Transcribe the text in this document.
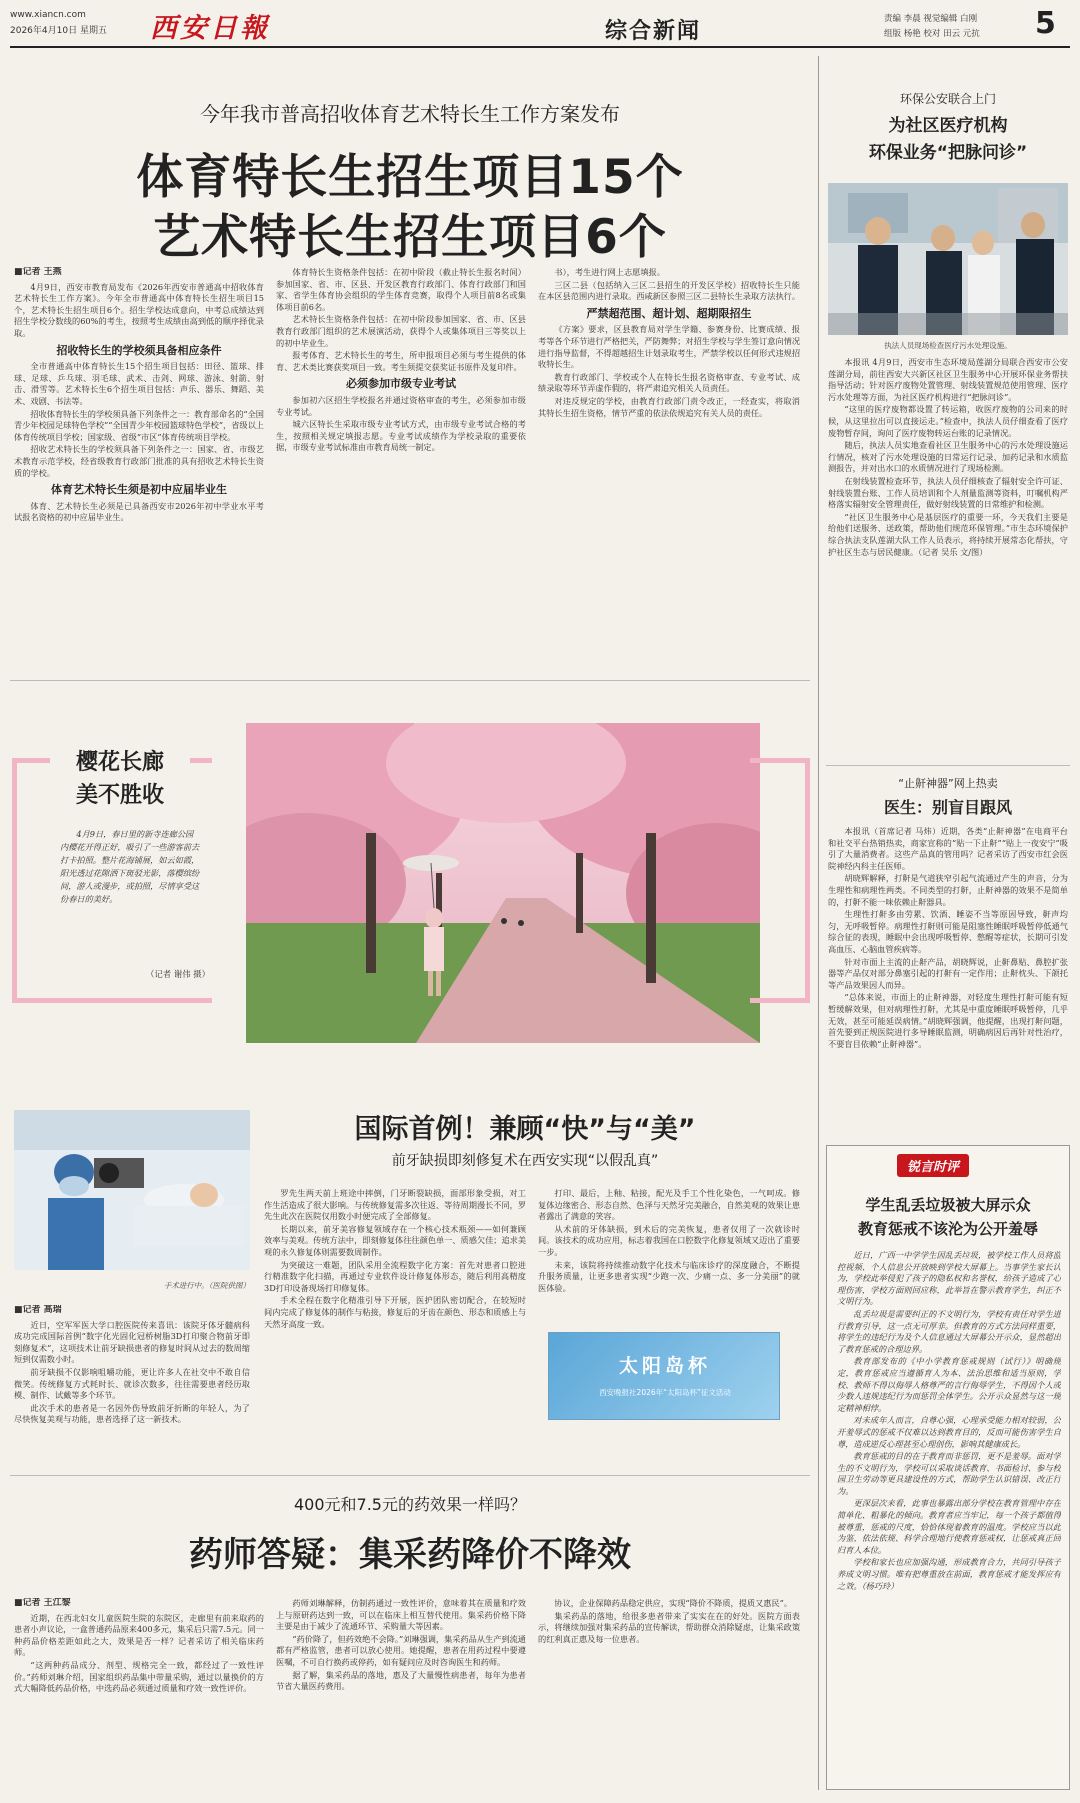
www.xiancn.com
2026年4月10日 星期五 西安日報	综合新闻	责编 李晨 视觉编辑 白刚
组版 杨艳 校对 田云 元抗 5
今年我市普高招收体育艺术特长生工作方案发布
体育特长生招生项目15个
艺术特长生招生项目6个
■记者 王燕

4月9日，西安市教育局发布《2026年西安市普通高中招收体育艺术特长生工作方案》。今年全市普通高中体育特长生招生项目15个，艺术特长生招生项目6个。招生学校达成意向，中考总成绩达到招生学校分数线的60%的考生，按照考生成绩由高到低的顺序择优录取。

招收特长生的学校须具备相应条件

全市普通高中体育特长生15个招生项目包括：田径、篮球、排球、足球、乒乓球、羽毛球、武术、击剑、网球、游泳、射箭、射击、滑雪等。艺术特长生6个招生项目包括：声乐、器乐、舞蹈、美术、戏剧、书法等。

招收体育特长生的学校须具备下列条件之一：教育部命名的“全国青少年校园足球特色学校”“全国青少年校园篮球特色学校”，省级以上体育传统项目学校；国家级、省级“市区”体育传统项目学校。

招收艺术特长生的学校须具备下列条件之一：国家、省、市级艺术教育示范学校，经省级教育行政部门批准的具有招收艺术特长生资质的学校。

体育艺术特长生须是初中应届毕业生

体育、艺术特长生必须是已具备西安市2026年初中学业水平考试报名资格的初中应届毕业生。

体育特长生资格条件包括：在初中阶段（截止特长生报名时间）参加国家、省、市、区县、开发区教育行政部门、体育行政部门和国家、省学生体育协会组织的学生体育竞赛，取得个人项目前8名或集体项目前6名。

艺术特长生资格条件包括：在初中阶段参加国家、省、市、区县教育行政部门组织的艺术展演活动，获得个人或集体项目三等奖以上的初中毕业生。

报考体育、艺术特长生的考生，所申报项目必须与考生提供的体育、艺术类比赛获奖项目一致。考生须提交获奖证书原件及复印件。

必须参加市级专业考试

参加初六区招生学校报名并通过资格审查的考生，必须参加市级专业考试。

城六区特长生采取市级专业考试方式，由市级专业考试合格的考生，按照相关规定填报志愿。专业考试成绩作为学校录取的重要依据，市级专业考试标准由市教育局统一制定。

书），考生进行网上志愿填报。

三区二县（包括纳入三区二县招生的开发区学校）招收特长生只能在本区县范围内进行录取。西咸新区参照三区二县特长生录取方法执行。

严禁超范围、超计划、超期限招生

《方案》要求，区县教育局对学生学籍、参赛身份、比赛成绩、报考等各个环节进行严格把关，严防舞弊；对招生学校与学生签订意向情况进行指导监督，不得超越招生计划录取考生，严禁学校以任何形式违规招收特长生。

教育行政部门、学校或个人在特长生报名资格审查、专业考试、成绩录取等环节弄虚作假的，将严肃追究相关人员责任。

对违反规定的学校，由教育行政部门责令改正，一经查实，将取消其特长生招生资格，情节严重的依法依规追究有关人员的责任。

环保公安联合上门
为社区医疗机构
环保业务“把脉问诊”
执法人员现场检查医疗污水处理设施。

本报讯 4月9日，西安市生态环境局莲湖分局联合西安市公安莲湖分局，前往西安大兴新区社区卫生服务中心开展环保业务帮扶指导活动；针对医疗废物处置管理、射线装置规范使用管理、医疗污水处理等方面，为社区医疗机构进行“把脉问诊”。

“这里的医疗废物都设置了转运箱，收医疗废物的公司来的时候，从这里拉出可以直接运走。”检查中，执法人员仔细查看了医疗废物暂存间，询问了医疗废物转运台账的记录情况。

随后，执法人员实地查看社区卫生服务中心的污水处理设施运行情况，核对了污水处理设施的日常运行记录、加药记录和水质监测报告，并对出水口的水质情况进行了现场检测。

在射线装置检查环节，执法人员仔细核查了辐射安全许可证、射线装置台账、工作人员培训和个人剂量监测等资料，叮嘱机构严格落实辐射安全管理责任，做好射线装置的日常维护和检测。

“社区卫生服务中心是基层医疗的重要一环，今天我们主要是给他们送服务、送政策，帮助他们规范环保管理。”市生态环境保护综合执法支队莲湖大队工作人员表示，将持续开展常态化帮扶，守护社区生态与居民健康。（记者 吴乐 文/图）

樱花长廊
美不胜收
4月9日，春日里的新寺连廊公园内樱花开得正好，吸引了一些游客前去打卡拍照。整片花海铺展，如云如霞，阳光透过花隙洒下斑驳光影，落樱缤纷间，游人或漫步，或拍照，尽情享受这份春日的美好。
（记者 谢伟 摄）
“止鼾神器”网上热卖
医生：别盲目跟风

本报讯（首席记者 马炜）近期，各类“止鼾神器”在电商平台和社交平台热销热卖，商家宣称的“贴一下止鼾”“贴上一夜安宁”吸引了大量消费者。这些产品真的管用吗？记者采访了西安市红会医院神经内科主任医师。

胡晓辉解释，打鼾是气道狭窄引起气流通过产生的声音，分为生理性和病理性两类。不同类型的打鼾，止鼾神器的效果不是简单的，打鼾不能一味依赖止鼾器具。

生理性打鼾多由劳累、饮酒、睡姿不当等原因导致，鼾声均匀，无呼吸暂停。病理性打鼾则可能是阻塞性睡眠呼吸暂停低通气综合征的表现，睡眠中会出现呼吸暂停、憋醒等症状，长期可引发高血压、心脑血管疾病等。

针对市面上主流的止鼾产品，胡晓辉说，止鼾鼻贴、鼻腔扩张器等产品仅对部分鼻塞引起的打鼾有一定作用；止鼾枕头、下颌托等产品效果因人而异。

“总体来说，市面上的止鼾神器，对轻度生理性打鼾可能有短暂缓解效果，但对病理性打鼾，尤其是中重度睡眠呼吸暂停，几乎无效，甚至可能延误病情。”胡晓辉强调，他提醒，出现打鼾问题，首先要到正规医院进行多导睡眠监测，明确病因后再针对性治疗，不要盲目依赖“止鼾神器”。

锐言时评
学生乱丢垃圾被大屏示众
教育惩戒不该沦为公开羞辱

近日，广西一中学学生因乱丢垃圾，被学校工作人员将监控视频、个人信息公开放映到学校大屏幕上。当事学生家长认为，学校此举侵犯了孩子的隐私权和名誉权，给孩子造成了心理伤害，学校方面则回应称，此举旨在警示教育学生，纠正不文明行为。

乱丢垃圾是需要纠正的不文明行为，学校有责任对学生进行教育引导，这一点无可厚非。但教育的方式方法同样重要，将学生的违纪行为及个人信息通过大屏幕公开示众，显然超出了教育惩戒的合理边界。

教育部发布的《中小学教育惩戒规则（试行）》明确规定，教育惩戒应当遵循育人为本、法治思维和适当原则，学校、教师不得以侮辱人格尊严的言行侮辱学生，不得因个人或少数人违规违纪行为而惩罚全体学生。公开示众显然与这一规定精神相悖。

对未成年人而言，自尊心强，心理承受能力相对较弱，公开羞辱式的惩戒不仅难以达到教育目的，反而可能伤害学生自尊，造成逆反心理甚至心理创伤，影响其健康成长。

教育惩戒的目的在于教育而非惩罚，更不是羞辱。面对学生的不文明行为，学校可以采取谈话教育、书面检讨、参与校园卫生劳动等更具建设性的方式，帮助学生认识错误、改正行为。

更深层次来看，此事也暴露出部分学校在教育管理中存在简单化、粗暴化的倾向。教育者应当牢记，每一个孩子都值得被尊重，惩戒的尺度，恰恰体现着教育的温度。学校应当以此为鉴，依法依规、科学合理地行使教育惩戒权，让惩戒真正回归育人本位。

学校和家长也应加强沟通，形成教育合力，共同引导孩子养成文明习惯。唯有把尊重放在前面，教育惩戒才能发挥应有之效。（杨巧玲）

手术进行中。（医院供图）
国际首例！兼顾“快”与“美”
前牙缺损即刻修复术在西安实现“以假乱真”
■记者 高瑞

近日，空军军医大学口腔医院传来喜讯：该院牙体牙髓病科成功完成国际首例“数字化光固化冠桥树脂3D打印聚合物前牙即刻修复术”，这项技术让前牙缺损患者的修复时间从过去的数周缩短到仅需数小时。

前牙缺损不仅影响咀嚼功能，更让许多人在社交中不敢自信微笑。传统修复方式耗时长、就诊次数多，往往需要患者经历取模、制作、试戴等多个环节。

此次手术的患者是一名因外伤导致前牙折断的年轻人，为了尽快恢复美观与功能，患者选择了这一新技术。

罗先生两天前上班途中摔倒，门牙断裂缺损，面部形象受损，对工作生活造成了很大影响。与传统修复需多次往返、等待周期漫长不同，罗先生此次在医院仅用数小时便完成了全部修复。

长期以来，前牙美容修复领域存在一个核心技术瓶颈——如何兼顾效率与美观。传统方法中，即刻修复体往往颜色单一、质感欠佳；追求美观的永久修复体则需要数周制作。

为突破这一难题，团队采用全流程数字化方案：首先对患者口腔进行精准数字化扫描，再通过专业软件设计修复体形态，随后利用高精度3D打印设备现场打印修复体。

手术全程在数字化精准引导下开展，医护团队密切配合，在较短时间内完成了修复体的制作与粘接，修复后的牙齿在颜色、形态和质感上与天然牙高度一致。

打印、最后，上釉、粘接，配光及手工个性化染色，一气呵成。修复体边缘密合、形态自然、色泽与天然牙完美融合，自然美观的效果让患者露出了满意的笑容。

从术前的牙体缺损，到术后的完美恢复，患者仅用了一次就诊时间。该技术的成功应用，标志着我国在口腔数字化修复领域又迈出了重要一步。

未来，该院将持续推动数字化技术与临床诊疗的深度融合，不断提升服务质量，让更多患者实现“少跑一次、少痛一点、多一分美丽”的就医体验。

太阳岛杯
西安晚报社2026年“太阳岛杯”征文活动
400元和7.5元的药效果一样吗？
药师答疑：集采药降价不降效
■记者 王江黎

近期，在西北妇女儿童医院生院的东院区，走廊里有前来取药的患者小声议论，一盒普通药品原来400多元，集采后只需7.5元。同一种药品价格差距如此之大，效果是否一样？记者采访了相关临床药师。

“这两种药品成分、剂型、规格完全一致，都经过了一致性评价。”药师刘琳介绍，国家组织药品集中带量采购，通过以量换价的方式大幅降低药品价格，中选药品必须通过质量和疗效一致性评价。

药师刘琳解释，仿制药通过一致性评价，意味着其在质量和疗效上与原研药达到一致，可以在临床上相互替代使用。集采药价格下降主要是由于减少了流通环节、采购量大等因素。

“药价降了，但药效绝不会降。”刘琳强调，集采药品从生产到流通都有严格监管，患者可以放心使用。她提醒，患者在用药过程中要遵医嘱，不可自行换药或停药，如有疑问应及时咨询医生和药师。

据了解，集采药品的落地，惠及了大量慢性病患者，每年为患者节省大量医药费用。

协议，企业保障药品稳定供应，实现“降价不降质，提质又惠民”。

集采药品的落地，给很多患者带来了实实在在的好处。医院方面表示，将继续加强对集采药品的宣传解读，帮助群众消除疑虑，让集采政策的红利真正惠及每一位患者。
